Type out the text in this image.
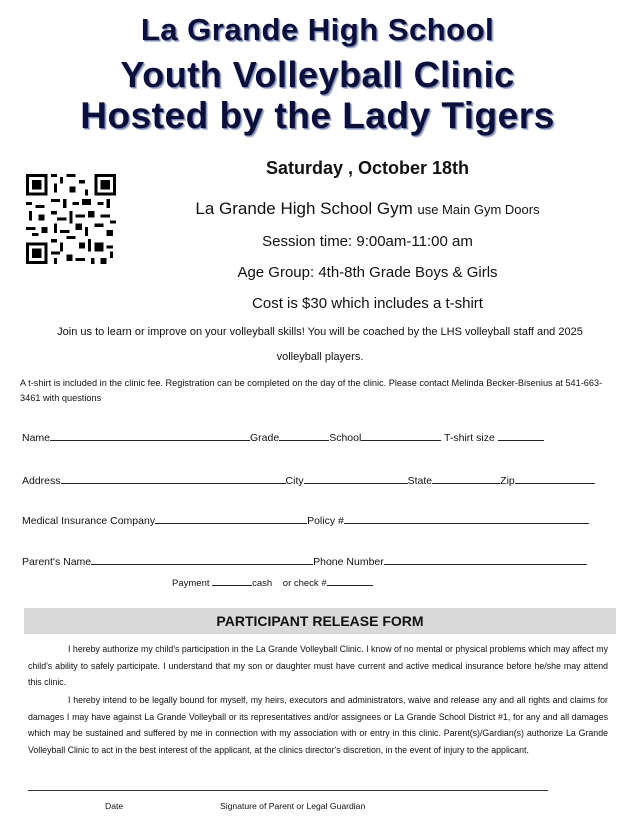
La Grande High School
Youth Volleyball Clinic
Hosted by the Lady Tigers
Saturday , October 18th
La Grande High School Gym use Main Gym Doors
Session time: 9:00am-11:00 am
Age Group: 4th-8th Grade Boys & Girls
Cost is $30 which includes a t-shirt
Join us to learn or improve on your volleyball skills! You will be coached by the LHS volleyball staff and 2025
volleyball players.
A t-shirt is included in the clinic fee. Registration can be completed on the day of the clinic. Please contact Melinda Becker-Bisenius at 541-663-3461 with questions
Name	Grade	School	T-shirt size
Address	City	State	Zip
Medical Insurance Company	Policy #
Parent's Name	Phone Number
Payment	cash or check #
PARTICIPANT RELEASE FORM
I hereby authorize my child's participation in the La Grande Volleyball Clinic. I know of no mental or physical problems which may affect my child's ability to safely participate. I understand that my son or daughter must have current and active medical insurance before he/she may attend this clinic.
I hereby intend to be legally bound for myself, my heirs, executors and administrators, waive and release any and all rights and claims for damages I may have against La Grande Volleyball or its representatives and/or assignees or La Grande School District #1, for any and all damages which may be sustained and suffered by me in connection with my association with or entry in this clinic. Parent(s)/Gardian(s) authorize La Grande Volleyball Clinic to act in the best interest of the applicant, at the clinics director's discretion, in the event of injury to the applicant.
Date	Signature of Parent or Legal Guardian
